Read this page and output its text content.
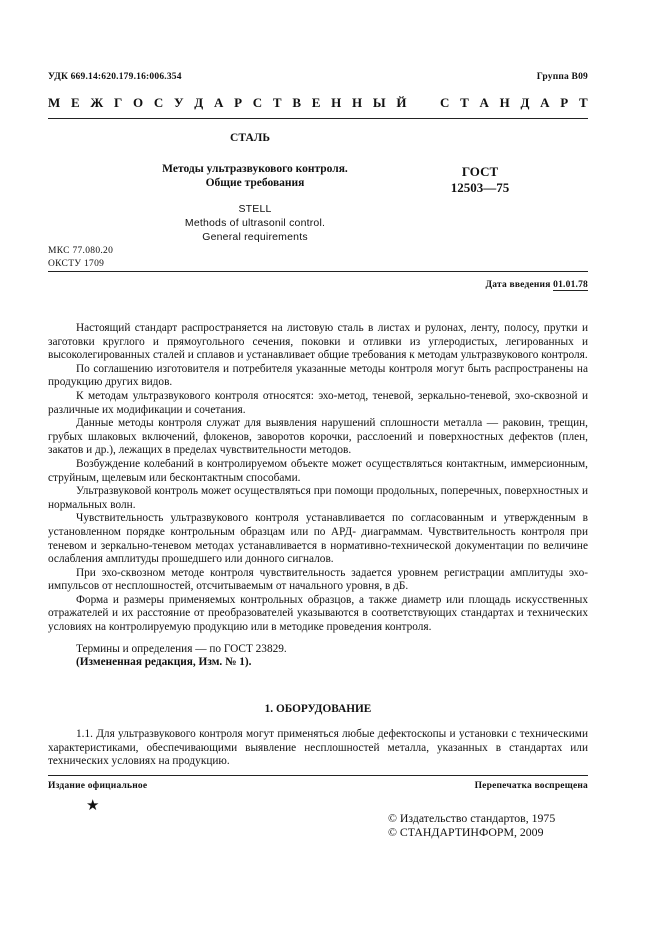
УДК 669.14:620.179.16:006.354	Группа В09
М Е Ж Г О С У Д А Р С Т В Е Н Н Ы Й	С Т А Н Д А Р Т
СТАЛЬ
Методы ультразвукового контроля.
Общие требования
ГОСТ
12503—75
STELL
Methods of ultrasonil control.
General requirements
МКС 77.080.20
ОКСТУ 1709
Дата введения 01.01.78

Настоящий стандарт распространяется на листовую сталь в листах и рулонах, ленту, полосу, прутки и заготовки круглого и прямоугольного сечения, поковки и отливки из углеродистых, легированных и высоколегированных сталей и сплавов и устанавливает общие требования к методам ультразвукового контроля.

По соглашению изготовителя и потребителя указанные методы контроля могут быть распространены на продукцию других видов.

К методам ультразвукового контроля относятся: эхо-метод, теневой, зеркально-теневой, эхо-сквозной и различные их модификации и сочетания.

Данные методы контроля служат для выявления нарушений сплошности металла — раковин, трещин, грубых шлаковых включений, флокенов, заворотов корочки, расслоений и поверхностных дефектов (плен, закатов и др.), лежащих в пределах чувствительности методов.

Возбуждение колебаний в контролируемом объекте может осуществляться контактным, иммерсионным, струйным, щелевым или бесконтактным способами.

Ультразвуковой контроль может осуществляться при помощи продольных, поперечных, поверхностных и нормальных волн.

Чувствительность ультразвукового контроля устанавливается по согласованным и утвержденным в установленном порядке контрольным образцам или по АРД- диаграммам. Чувствительность контроля при теневом и зеркально-теневом методах устанавливается в нормативно-технической документации по величине ослабления амплитуды прошедшего или донного сигналов.

При эхо-сквозном методе контроля чувствительность задается уровнем регистрации амплитуды эхо-импульсов от несплошностей, отсчитываемым от начального уровня, в дБ.

Форма и размеры применяемых контрольных образцов, а также диаметр или площадь искусственных отражателей и их расстояние от преобразователей указываются в соответствующих стандартах и технических условиях на контролируемую продукцию или в методике проведения контроля.

Термины и определения — по ГОСТ 23829.

(Измененная редакция, Изм. № 1).

1. ОБОРУДОВАНИЕ

1.1. Для ультразвукового контроля могут применяться любые дефектоскопы и установки с техническими характеристиками, обеспечивающими выявление несплошностей металла, указанных в стандартах или технических условиях на продукцию.

Издание официальное	Перепечатка воспрещена
★
© Издательство стандартов, 1975
© СТАНДАРТИНФОРМ, 2009
